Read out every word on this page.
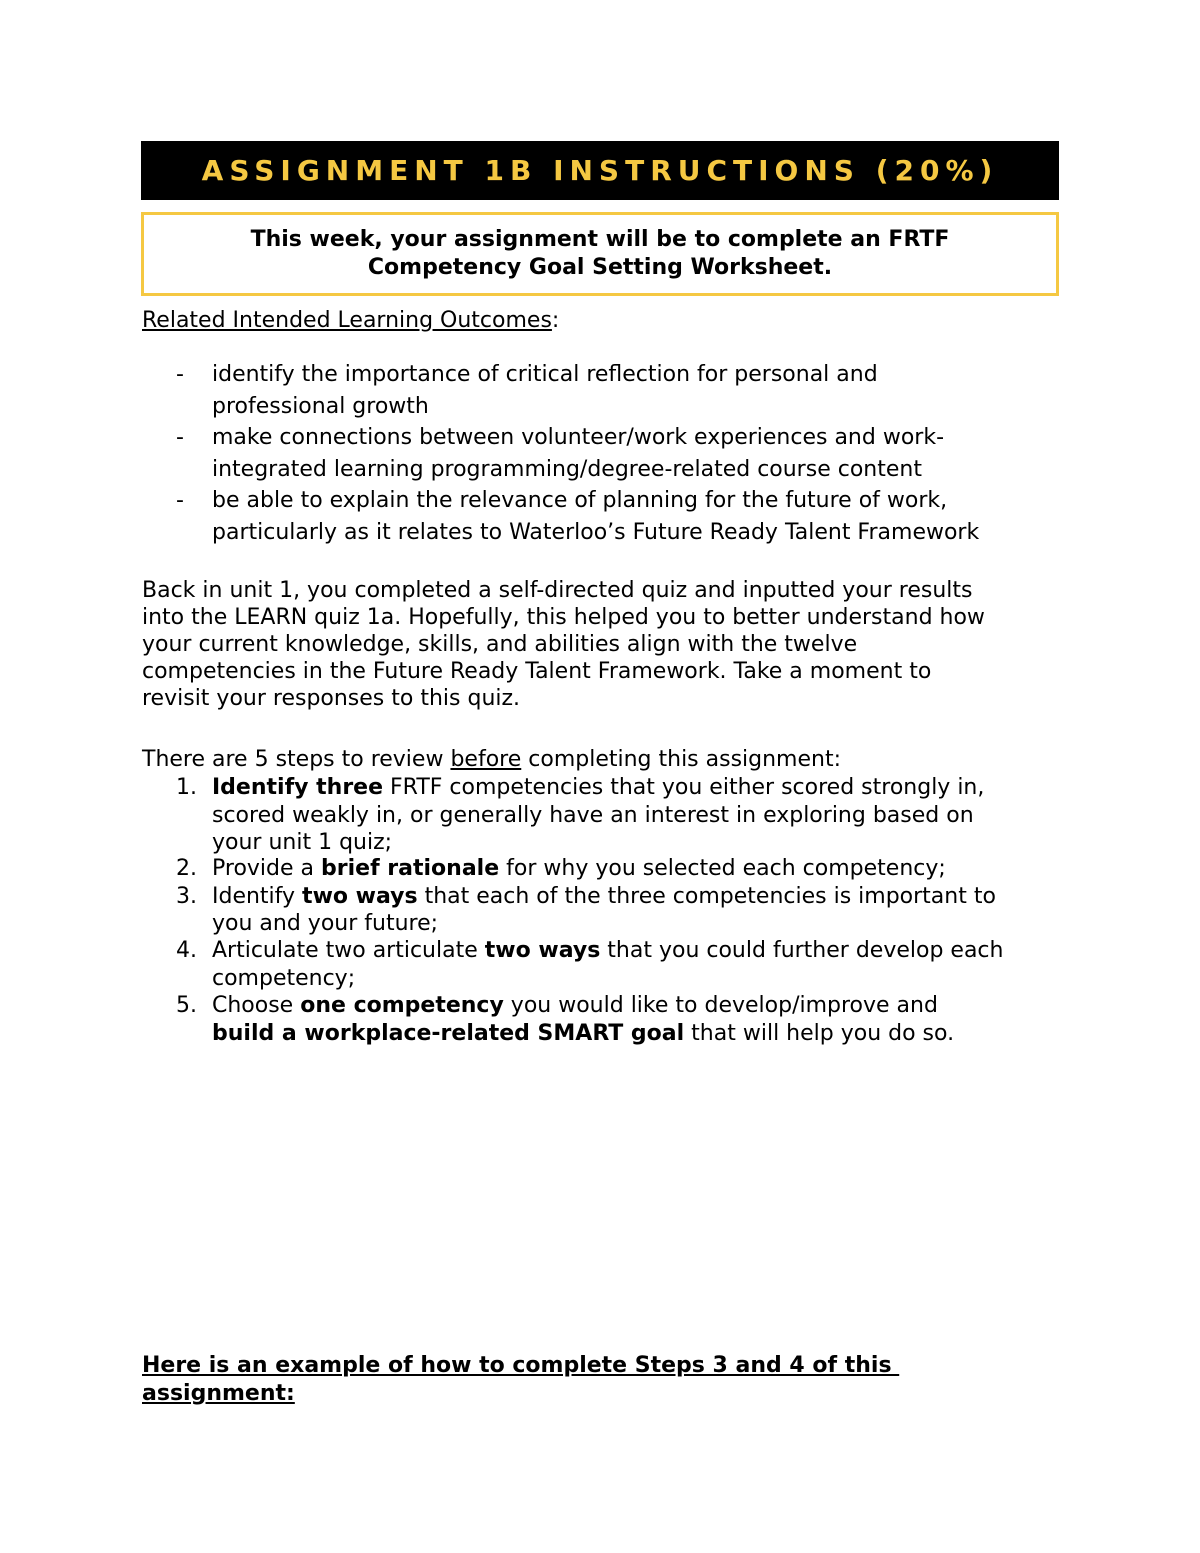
ASSIGNMENT 1B INSTRUCTIONS (20%)
This week, your assignment will be to complete an FRTF
Competency Goal Setting Worksheet.
Related Intended Learning Outcomes:
- identify the importance of critical reflection for personal and
professional growth
- make connections between volunteer/work experiences and work-
integrated learning programming/degree-related course content
- be able to explain the relevance of planning for the future of work,
particularly as it relates to Waterloo’s Future Ready Talent Framework
Back in unit 1, you completed a self-directed quiz and inputted your results
into the LEARN quiz 1a. Hopefully, this helped you to better understand how
your current knowledge, skills, and abilities align with the twelve
competencies in the Future Ready Talent Framework. Take a moment to
revisit your responses to this quiz.
There are 5 steps to review before completing this assignment:
1. Identify three FRTF competencies that you either scored strongly in,
scored weakly in, or generally have an interest in exploring based on
your unit 1 quiz;
2. Provide a brief rationale for why you selected each competency;
3. Identify two ways that each of the three competencies is important to
you and your future;
4. Articulate two articulate two ways that you could further develop each
competency;
5. Choose one competency you would like to develop/improve and
build a workplace-related SMART goal that will help you do so.
Here is an example of how to complete Steps 3 and 4 of this
assignment:
